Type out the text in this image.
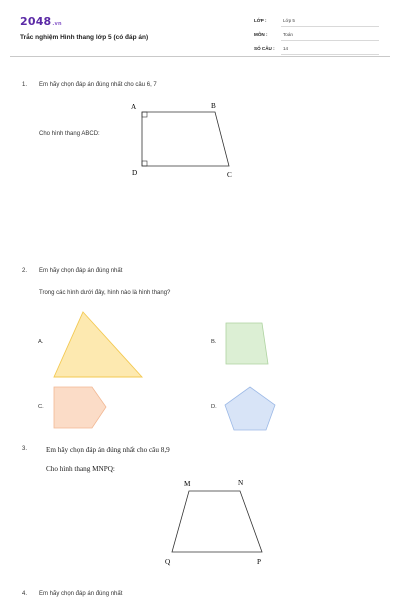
2048.vn
Trắc nghiệm Hình thang lớp 5 (có đáp án)
LỚP :	Lớp 5
MÔN :	Toán
SỐ CÂU : 14
1. Em hãy chọn đáp án đúng nhất cho câu 6, 7
Cho hình thang ABCD:
A	B
C
D
2. Em hãy chọn đáp án đúng nhất
Trong các hình dưới đây, hình nào là hình thang?
A.	B.
C.	D.
3.	Em hãy chọn đáp án đúng nhất cho câu 8,9
Cho hình thang MNPQ:
M	N
P
Q
4. Em hãy chọn đáp án đúng nhất
